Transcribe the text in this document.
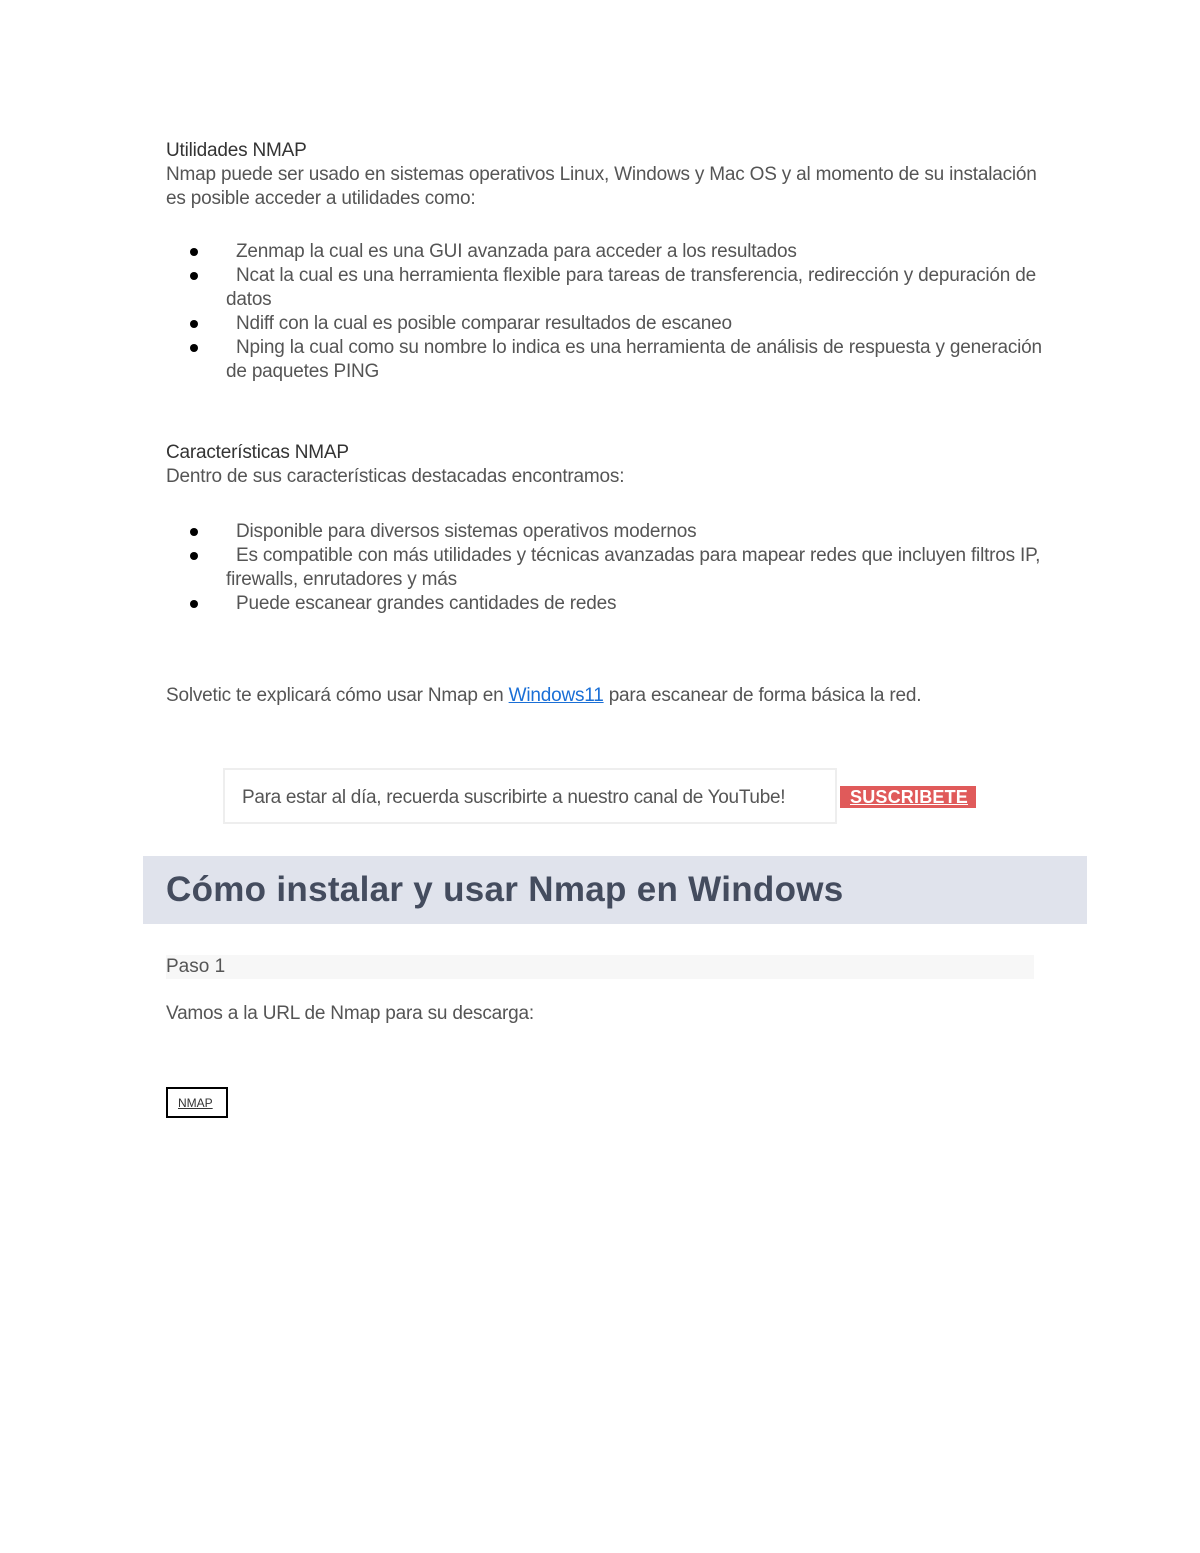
Utilidades NMAP
Nmap puede ser usado en sistemas operativos Linux, Windows y Mac OS y al momento de su instalación es posible acceder a utilidades como:
Zenmap la cual es una GUI avanzada para acceder a los resultados
Ncat la cual es una herramienta flexible para tareas de transferencia, redirección y depuración de datos
Ndiff con la cual es posible comparar resultados de escaneo
Nping la cual como su nombre lo indica es una herramienta de análisis de respuesta y generación de paquetes PING
Características NMAP
Dentro de sus características destacadas encontramos:
Disponible para diversos sistemas operativos modernos
Es compatible con más utilidades y técnicas avanzadas para mapear redes que incluyen filtros IP, firewalls, enrutadores y más
Puede escanear grandes cantidades de redes
Solvetic te explicará cómo usar Nmap en Windows11 para escanear de forma básica la red.
Para estar al día, recuerda suscribirte a nuestro canal de YouTube!	SUSCRIBETE
Cómo instalar y usar Nmap en Windows
Paso 1
Vamos a la URL de Nmap para su descarga:
NMAP
